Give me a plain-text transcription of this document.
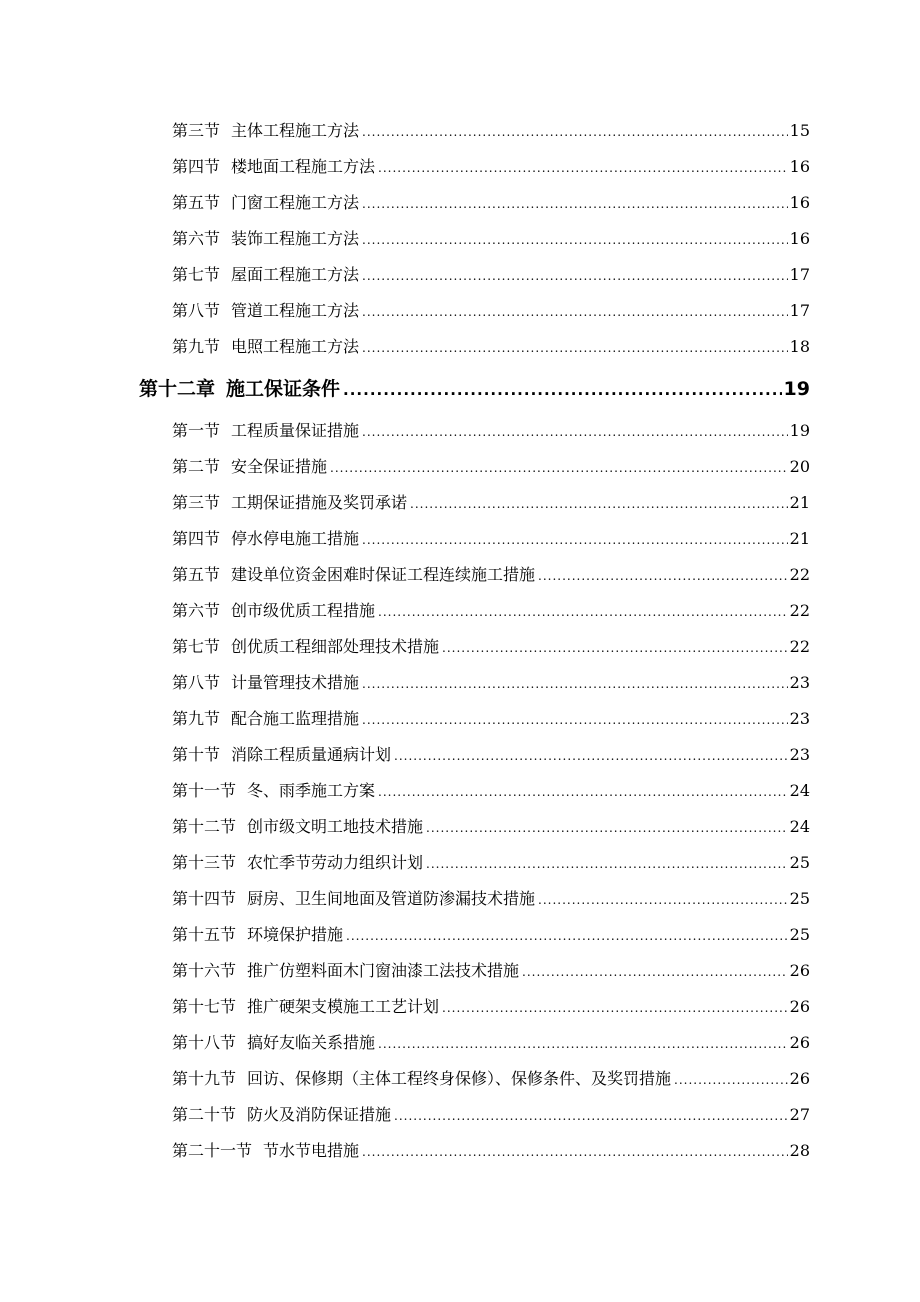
第三节 主体工程施工方法 .....	15
第四节 楼地面工程施工方法 .....	16
第五节 门窗工程施工方法 .....	16
第六节 装饰工程施工方法 .....	16
第七节 屋面工程施工方法 .....	17
第八节 管道工程施工方法 .....	17
第九节 电照工程施工方法 .....	18
第十二章 施工保证条件 .....	19
第一节 工程质量保证措施 .....	19
第二节 安全保证措施 .....	20
第三节 工期保证措施及奖罚承诺 .....	21
第四节 停水停电施工措施 .....	21
第五节 建设单位资金困难时保证工程连续施工措施 .....	22
第六节 创市级优质工程措施 .....	22
第七节 创优质工程细部处理技术措施 .....	22
第八节 计量管理技术措施 .....	23
第九节 配合施工监理措施 .....	23
第十节 消除工程质量通病计划 .....	23
第十一节 冬、雨季施工方案 .....	24
第十二节 创市级文明工地技术措施 .....	24
第十三节 农忙季节劳动力组织计划 .....	25
第十四节 厨房、卫生间地面及管道防渗漏技术措施 .....	25
第十五节 环境保护措施 .....	25
第十六节 推广仿塑料面木门窗油漆工法技术措施 .....	26
第十七节 推广硬架支模施工工艺计划 .....	26
第十八节 搞好友临关系措施 .....	26
第十九节 回访、保修期（主体工程终身保修）、保修条件、及奖罚措施 .....	26
第二十节 防火及消防保证措施 .....	27
第二十一节 节水节电措施 .....	28
